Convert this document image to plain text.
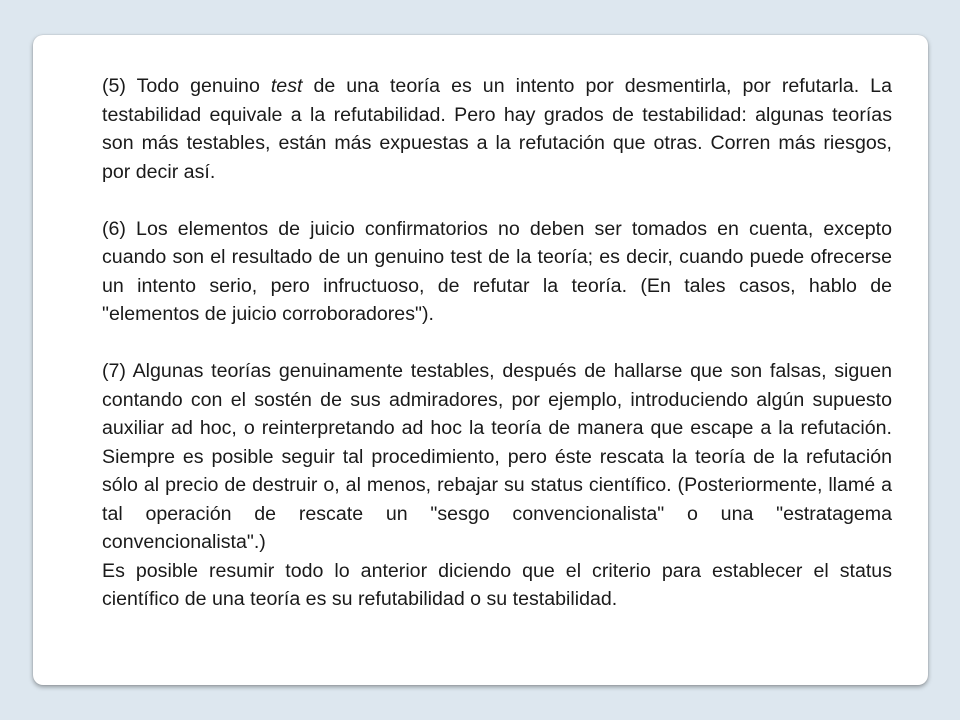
(5) Todo genuino test de una teoría es un intento por desmentirla, por refutarla. La testabilidad equivale a la refutabilidad. Pero hay grados de testabilidad: algunas teorías son más testables, están más expuestas a la refutación que otras. Corren más riesgos, por decir así.

(6) Los elementos de juicio confirmatorios no deben ser tomados en cuenta, excepto cuando son el resultado de un genuino test de la teoría; es decir, cuando puede ofrecerse un intento serio, pero infructuoso, de refutar la teoría. (En tales casos, hablo de "elementos de juicio corroboradores").

(7) Algunas teorías genuinamente testables, después de hallarse que son falsas, siguen contando con el sostén de sus admiradores, por ejemplo, introduciendo algún supuesto auxiliar ad hoc, o reinterpretando ad hoc la teoría de manera que escape a la refutación. Siempre es posible seguir tal procedimiento, pero éste rescata la teoría de la refutación sólo al precio de destruir o, al menos, rebajar su status científico. (Posteriormente, llamé a tal operación de rescate un "sesgo convencionalista" o una "estratagema convencionalista".)

Es posible resumir todo lo anterior diciendo que el criterio para establecer el status científico de una teoría es su refutabilidad o su testabilidad.
